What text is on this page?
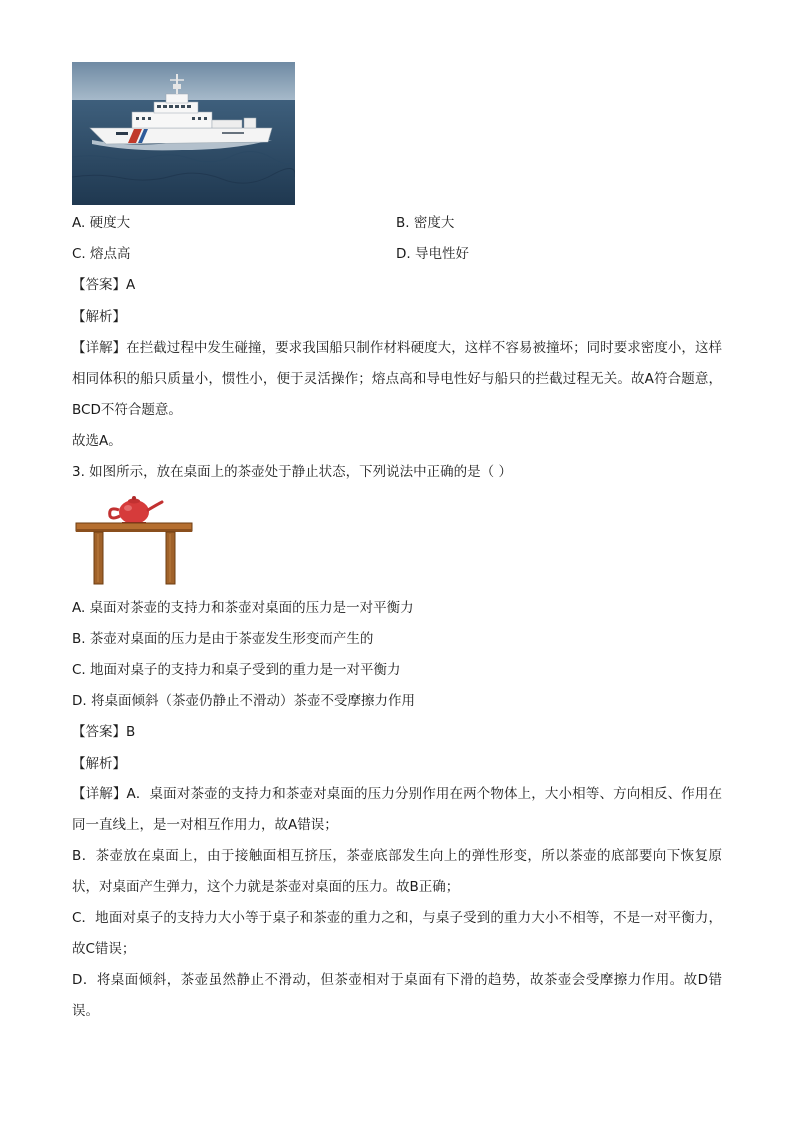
A. 硬度大	B. 密度大
C. 熔点高	D. 导电性好
【答案】A
【解析】
【详解】在拦截过程中发生碰撞，要求我国船只制作材料硬度大，这样不容易被撞坏；同时要求密度小，这样相同体积的船只质量小，惯性小，便于灵活操作；熔点高和导电性好与船只的拦截过程无关。故A符合题意，BCD不符合题意。
故选A。
3. 如图所示，放在桌面上的茶壶处于静止状态，下列说法中正确的是（ ）
A. 桌面对茶壶的支持力和茶壶对桌面的压力是一对平衡力
B. 茶壶对桌面的压力是由于茶壶发生形变而产生的
C. 地面对桌子的支持力和桌子受到的重力是一对平衡力
D. 将桌面倾斜（茶壶仍静止不滑动）茶壶不受摩擦力作用
【答案】B
【解析】
【详解】A．桌面对茶壶的支持力和茶壶对桌面的压力分别作用在两个物体上，大小相等、方向相反、作用在同一直线上，是一对相互作用力，故A错误；
B．茶壶放在桌面上，由于接触面相互挤压，茶壶底部发生向上的弹性形变，所以茶壶的底部要向下恢复原状，对桌面产生弹力，这个力就是茶壶对桌面的压力。故B正确；
C．地面对桌子的支持力大小等于桌子和茶壶的重力之和，与桌子受到的重力大小不相等，不是一对平衡力，故C错误；
D．将桌面倾斜，茶壶虽然静止不滑动，但茶壶相对于桌面有下滑的趋势，故茶壶会受摩擦力作用。故D错误。
